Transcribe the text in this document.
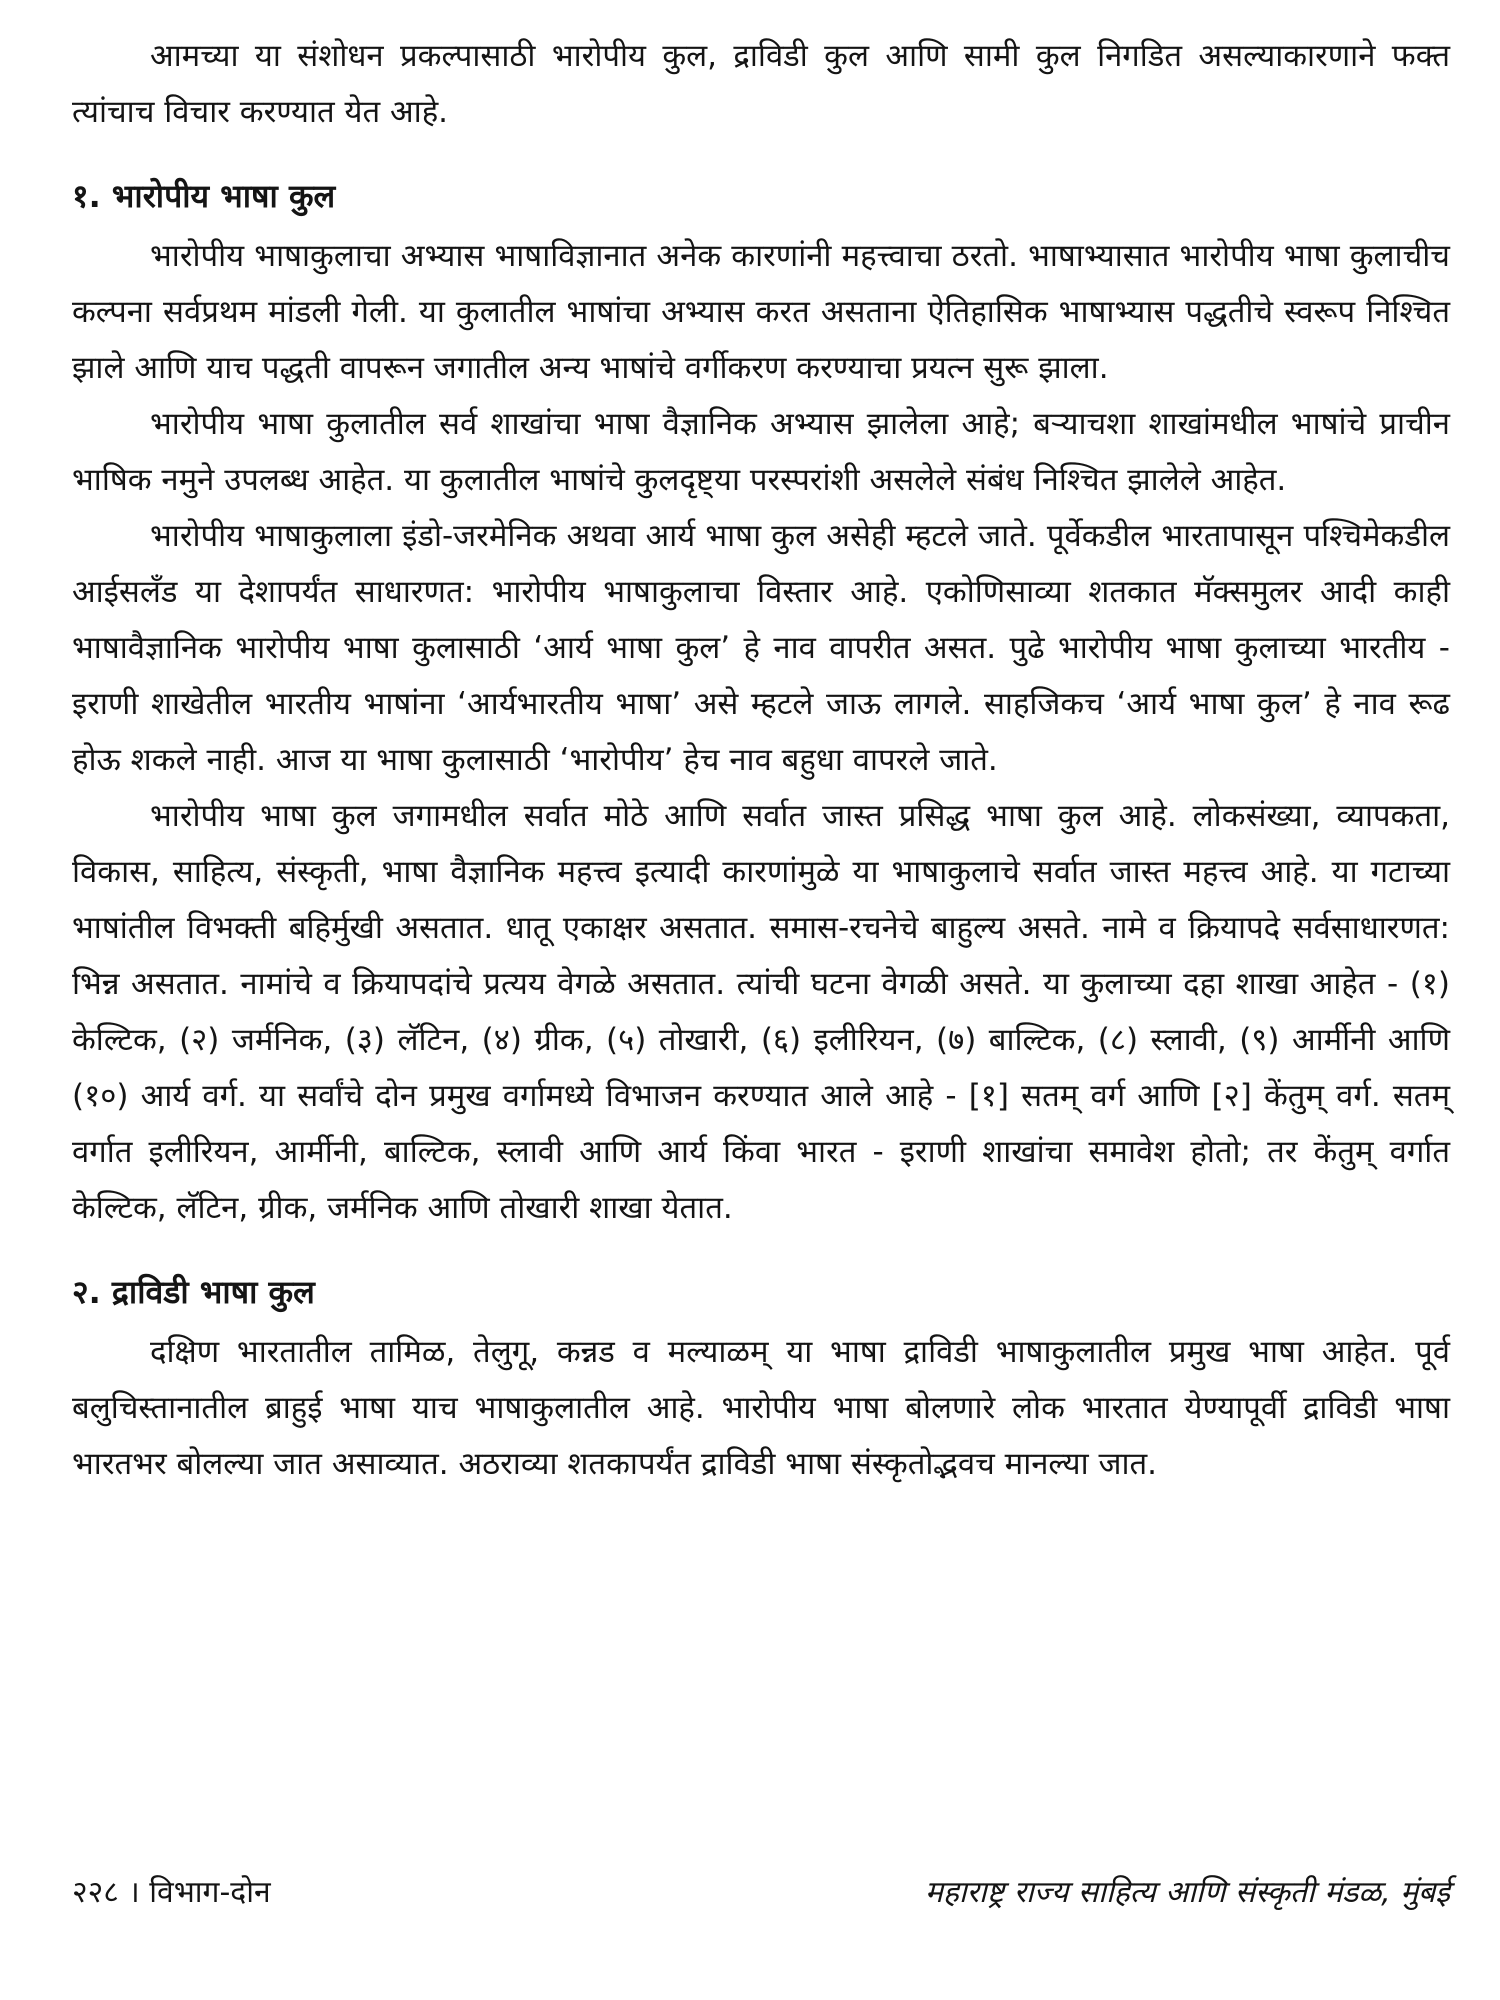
आमच्या या संशोधन प्रकल्पासाठी भारोपीय कुल, द्राविडी कुल आणि सामी कुल निगडित असल्याकारणाने फक्त त्यांचाच विचार करण्यात येत आहे.

१. भारोपीय भाषा कुल

भारोपीय भाषाकुलाचा अभ्यास भाषाविज्ञानात अनेक कारणांनी महत्त्वाचा ठरतो. भाषाभ्यासात भारोपीय भाषा कुलाचीच कल्पना सर्वप्रथम मांडली गेली. या कुलातील भाषांचा अभ्यास करत असताना ऐतिहासिक भाषाभ्यास पद्धतीचे स्वरूप निश्चित झाले आणि याच पद्धती वापरून जगातील अन्य भाषांचे वर्गीकरण करण्याचा प्रयत्न सुरू झाला.

भारोपीय भाषा कुलातील सर्व शाखांचा भाषा वैज्ञानिक अभ्यास झालेला आहे; बऱ्याचशा शाखांमधील भाषांचे प्राचीन भाषिक नमुने उपलब्ध आहेत. या कुलातील भाषांचे कुलदृष्ट्या परस्परांशी असलेले संबंध निश्चित झालेले आहेत.

भारोपीय भाषाकुलाला इंडो-जरमेनिक अथवा आर्य भाषा कुल असेही म्हटले जाते. पूर्वेकडील भारतापासून पश्चिमेकडील आईसलँड या देशापर्यंत साधारणत: भारोपीय भाषाकुलाचा विस्तार आहे. एकोणिसाव्या शतकात मॅक्समुलर आदी काही भाषावैज्ञानिक भारोपीय भाषा कुलासाठी ‘आर्य भाषा कुल’ हे नाव वापरीत असत. पुढे भारोपीय भाषा कुलाच्या भारतीय - इराणी शाखेतील भारतीय भाषांना ‘आर्यभारतीय भाषा’ असे म्हटले जाऊ लागले. साहजिकच ‘आर्य भाषा कुल’ हे नाव रूढ होऊ शकले नाही. आज या भाषा कुलासाठी ‘भारोपीय’ हेच नाव बहुधा वापरले जाते.

भारोपीय भाषा कुल जगामधील सर्वात मोठे आणि सर्वात जास्त प्रसिद्ध भाषा कुल आहे. लोकसंख्या, व्यापकता, विकास, साहित्य, संस्कृती, भाषा वैज्ञानिक महत्त्व इत्यादी कारणांमुळे या भाषाकुलाचे सर्वात जास्त महत्त्व आहे. या गटाच्या भाषांतील विभक्ती बहिर्मुखी असतात. धातू एकाक्षर असतात. समास-रचनेचे बाहुल्य असते. नामे व क्रियापदे सर्वसाधारणत: भिन्न असतात. नामांचे व क्रियापदांचे प्रत्यय वेगळे असतात. त्यांची घटना वेगळी असते. या कुलाच्या दहा शाखा आहेत - (१) केल्टिक, (२) जर्मनिक, (३) लॅटिन, (४) ग्रीक, (५) तोखारी, (६) इलीरियन, (७) बाल्टिक, (८) स्लावी, (९) आर्मीनी आणि (१०) आर्य वर्ग. या सर्वांचे दोन प्रमुख वर्गामध्ये विभाजन करण्यात आले आहे - [१] सतम् वर्ग आणि [२] केंतुम् वर्ग. सतम् वर्गात इलीरियन, आर्मीनी, बाल्टिक, स्लावी आणि आर्य किंवा भारत - इराणी शाखांचा समावेश होतो; तर केंतुम् वर्गात केल्टिक, लॅटिन, ग्रीक, जर्मनिक आणि तोखारी शाखा येतात.

२. द्राविडी भाषा कुल

दक्षिण भारतातील तामिळ, तेलुगू, कन्नड व मल्याळम् या भाषा द्राविडी भाषाकुलातील प्रमुख भाषा आहेत. पूर्व बलुचिस्तानातील ब्राहुई भाषा याच भाषाकुलातील आहे. भारोपीय भाषा बोलणारे लोक भारतात येण्यापूर्वी द्राविडी भाषा भारतभर बोलल्या जात असाव्यात. अठराव्या शतकापर्यंत द्राविडी भाषा संस्कृतोद्भवच मानल्या जात.

२२८ । विभाग-दोन	महाराष्ट्र राज्य साहित्य आणि संस्कृती मंडळ, मुंबई
